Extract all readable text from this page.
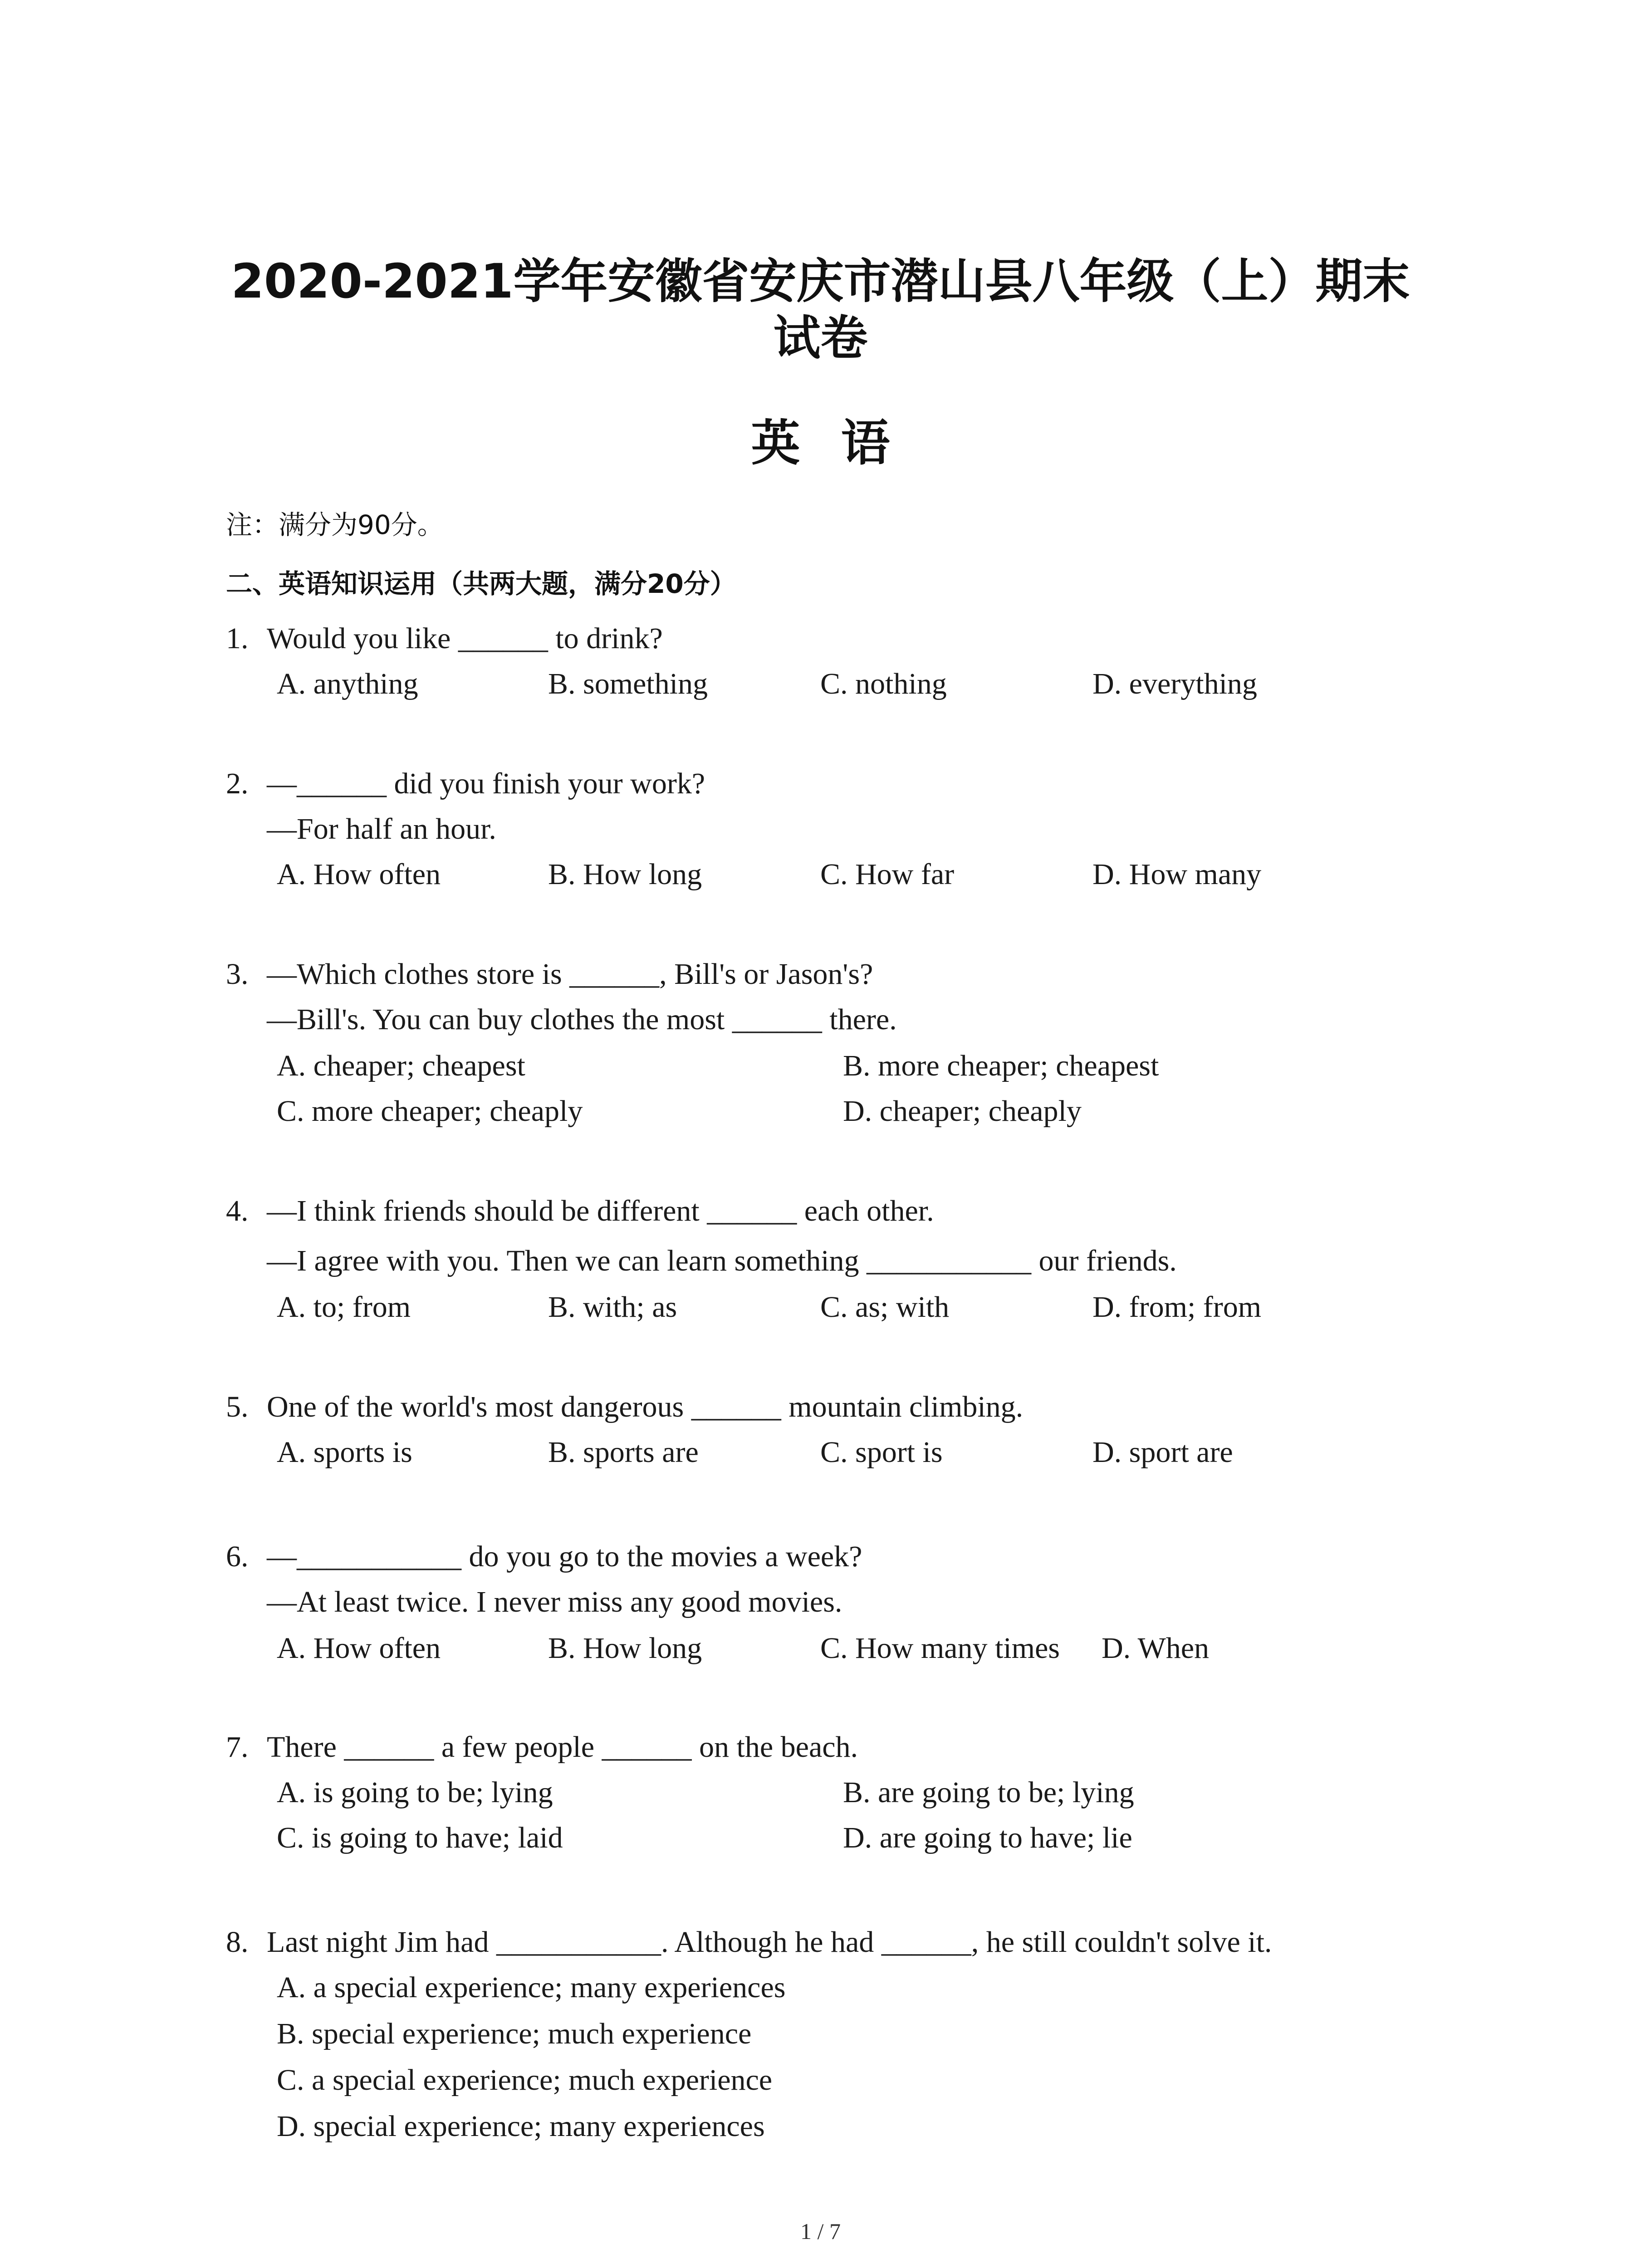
2020-2021学年安徽省安庆市潜山县八年级（上）期末
试卷
英语
注：满分为90分。
二、英语知识运用（共两大题，满分20分）
1. Would you like ______ to drink?
A. anything	B. something	C. nothing	D. everything
2. —______ did you finish your work?
—For half an hour.
A. How often	B. How long	C. How far	D. How many
3. —Which clothes store is ______, Bill's or Jason's?
—Bill's. You can buy clothes the most ______ there.
A. cheaper; cheapest	B. more cheaper; cheapest
C. more cheaper; cheaply	D. cheaper; cheaply
4. —I think friends should be different ______ each other.
—I agree with you. Then we can learn something ___________ our friends.
A. to; from	B. with; as	C. as; with	D. from; from
5. One of the world's most dangerous ______ mountain climbing.
A. sports is	B. sports are	C. sport is	D. sport are
6. —___________ do you go to the movies a week?
—At least twice. I never miss any good movies.
A. How often	B. How long	C. How many times D. When
7. There ______ a few people ______ on the beach.
A. is going to be; lying	B. are going to be; lying
C. is going to have; laid	D. are going to have; lie
8. Last night Jim had ___________. Although he had ______, he still couldn't solve it.
A. a special experience; many experiences
B. special experience; much experience
C. a special experience; much experience
D. special experience; many experiences
1 / 7
